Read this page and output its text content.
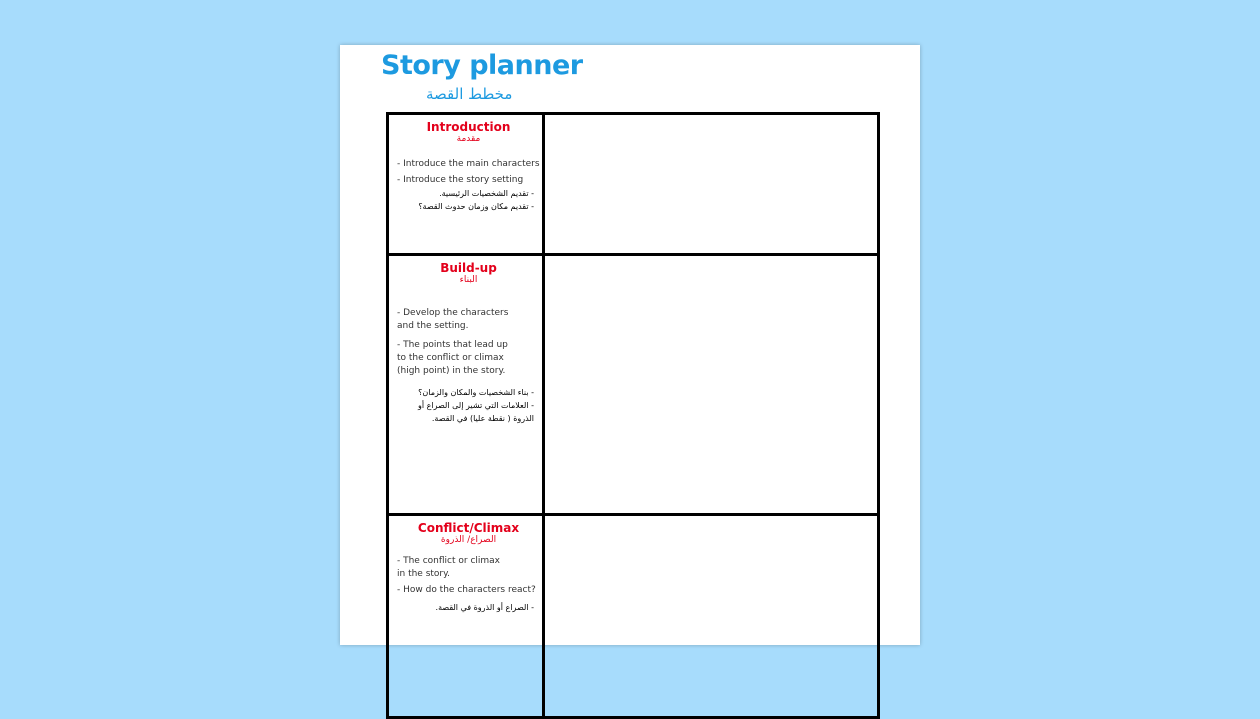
Story planner
مخطط القصة
Introduction
مقدمة
- Introduce the main characters
- Introduce the story setting
- تقديم الشخصيات الرئيسية.
- تقديم مكان وزمان حدوث القصة؟
Build-up
البناء
- Develop the characters and the setting.
- The points that lead up to the conflict or climax (high point) in the story.
- بناء الشخصيات والمكان والزمان؟
- العلامات التي تشير إلى الصراع أو الذروة ( نقطة عليا) في القصة.
Conflict/Climax
الصراع/ الذروة
- The conflict or climax in the story.
- How do the characters react?
- الصراع أو الذروة في القصة.
